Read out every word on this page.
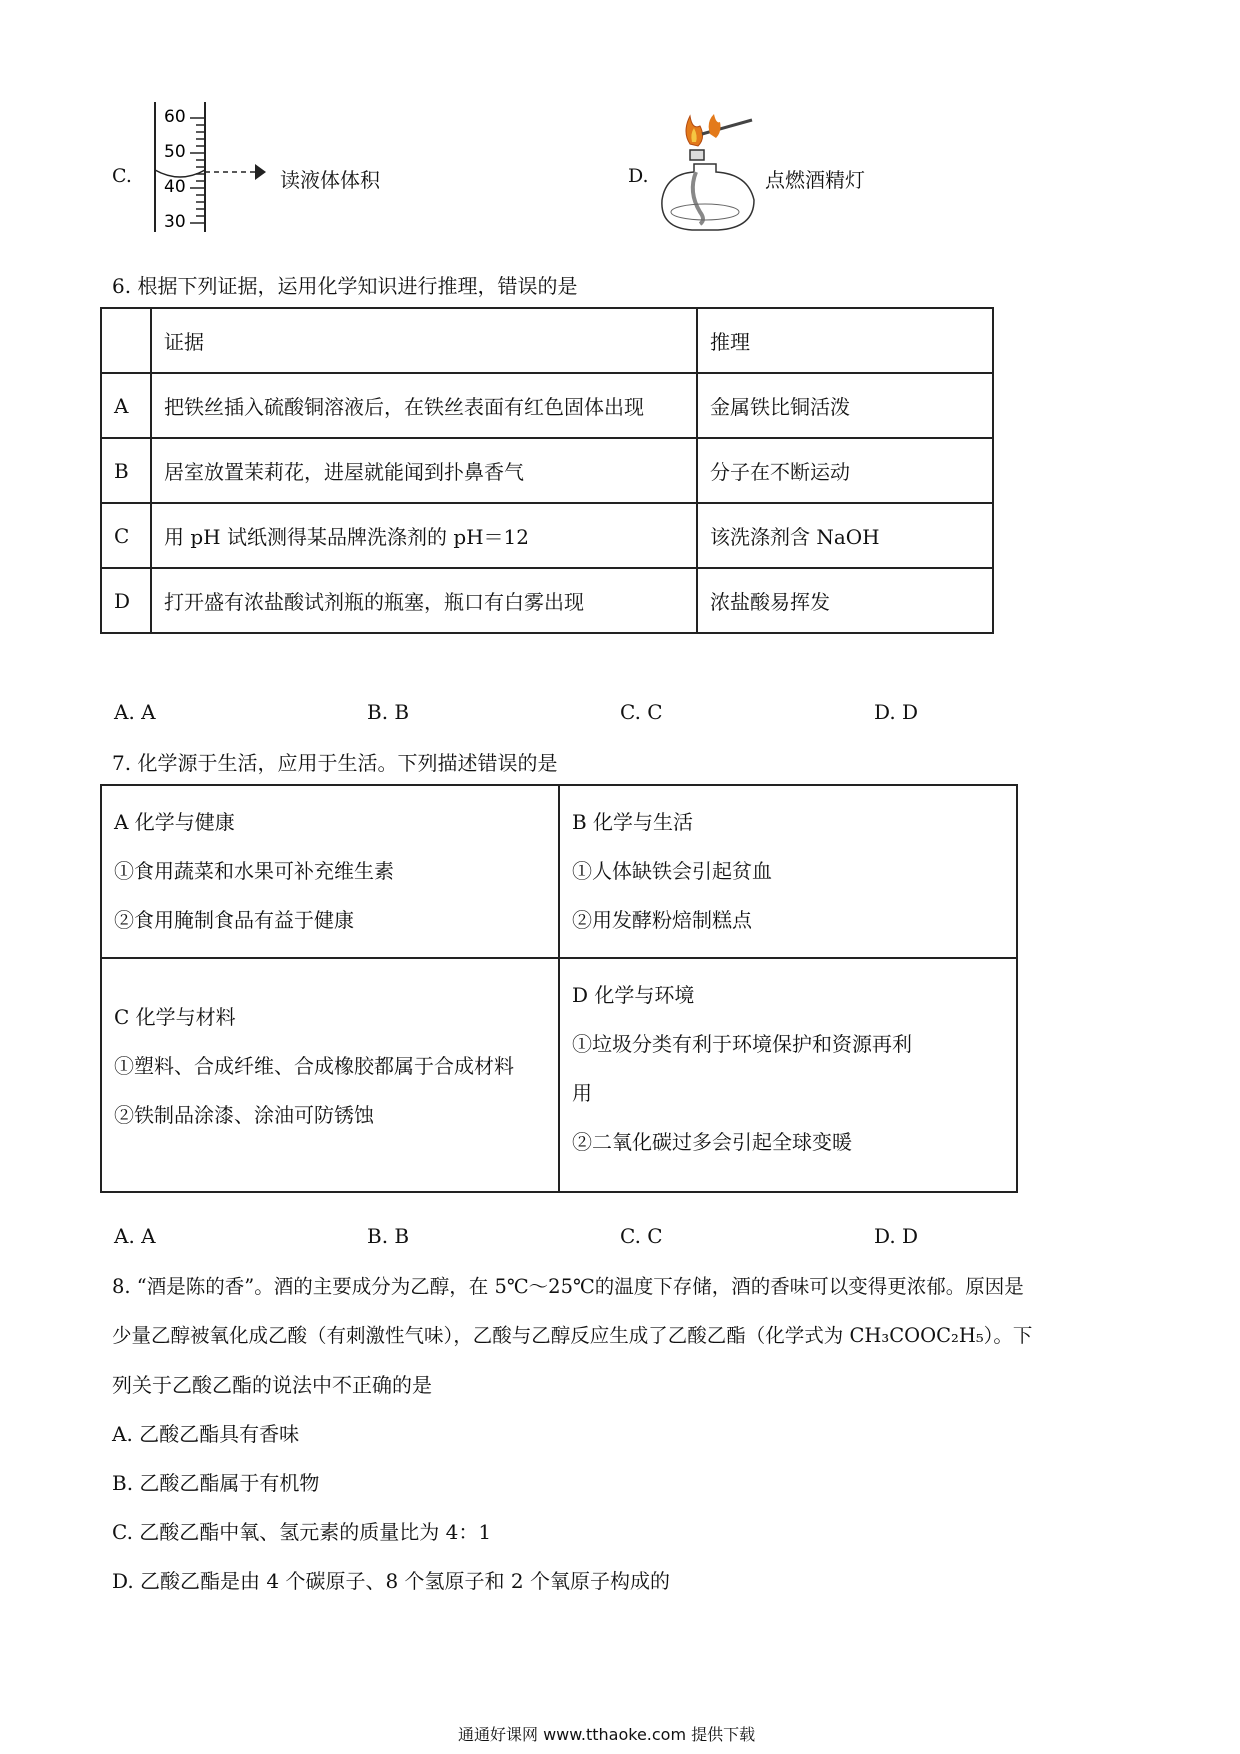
C.
60
50
40
30
读液体体积	D.	点燃酒精灯
6. 根据下列证据，运用化学知识进行推理，错误的是
	证据	推理
A	把铁丝插入硫酸铜溶液后，在铁丝表面有红色固体出现	金属铁比铜活泼
B	居室放置茉莉花，进屋就能闻到扑鼻香气	分子在不断运动
C	用 pH 试纸测得某品牌洗涤剂的 pH＝12	该洗涤剂含 NaOH
D	打开盛有浓盐酸试剂瓶的瓶塞，瓶口有白雾出现	浓盐酸易挥发
A. A	B. B	C. C	D. D
7. 化学源于生活，应用于生活。下列描述错误的是
A 化学与健康
①食用蔬菜和水果可补充维生素
②食用腌制食品有益于健康	B 化学与生活
①人体缺铁会引起贫血
②用发酵粉焙制糕点

C 化学与材料
①塑料、合成纤维、合成橡胶都属于合成材料
②铁制品涂漆、涂油可防锈蚀	D 化学与环境
①垃圾分类有利于环境保护和资源再利
用
②二氧化碳过多会引起全球变暖
A. A	B. B	C. C	D. D
8. “酒是陈的香”。酒的主要成分为乙醇，在 5℃～25℃的温度下存储，酒的香味可以变得更浓郁。原因是
少量乙醇被氧化成乙酸（有刺激性气味），乙酸与乙醇反应生成了乙酸乙酯（化学式为 CH₃COOC₂H₅）。下
列关于乙酸乙酯的说法中不正确的是
A. 乙酸乙酯具有香味
B. 乙酸乙酯属于有机物
C. 乙酸乙酯中氧、氢元素的质量比为 4：1
D. 乙酸乙酯是由 4 个碳原子、8 个氢原子和 2 个氧原子构成的
通通好课网 www.tthaoke.com 提供下载
